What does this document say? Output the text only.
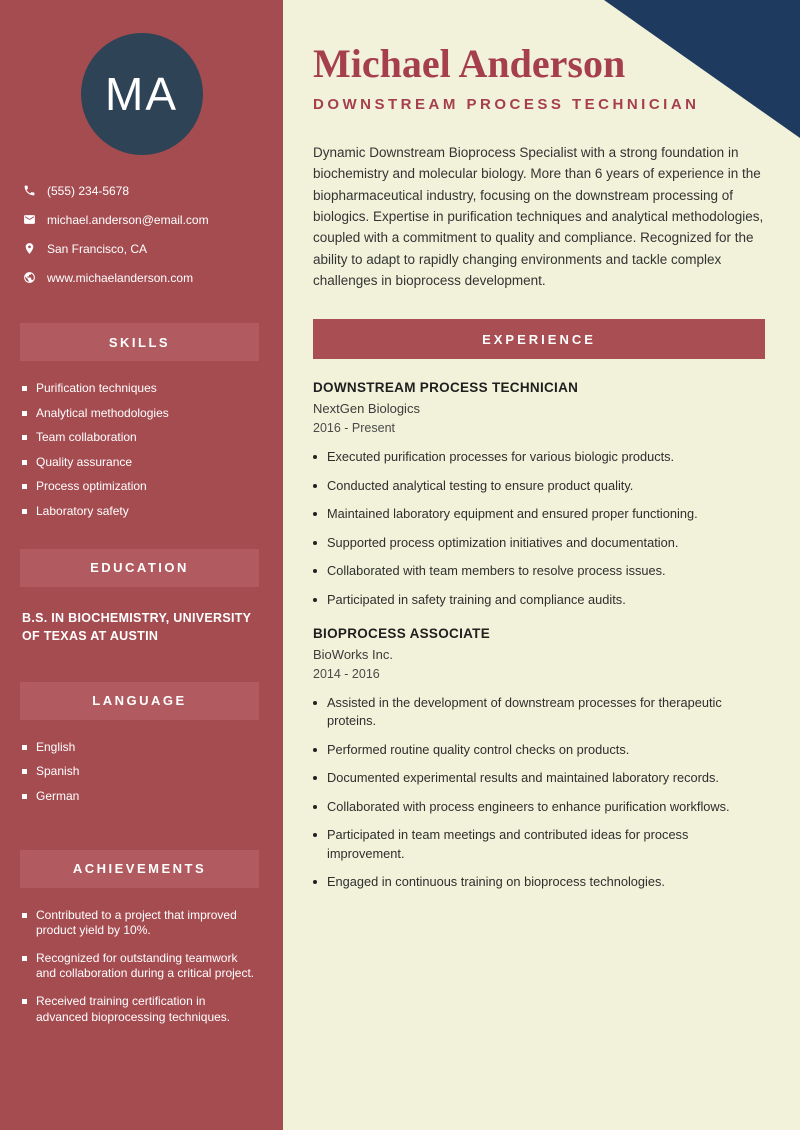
MA
(555) 234-5678
michael.anderson@email.com
San Francisco, CA
www.michaelanderson.com
SKILLS
Purification techniques
Analytical methodologies
Team collaboration
Quality assurance
Process optimization
Laboratory safety
EDUCATION
B.S. IN BIOCHEMISTRY, UNIVERSITY OF TEXAS AT AUSTIN
LANGUAGE
English
Spanish
German
ACHIEVEMENTS
Contributed to a project that improved product yield by 10%.
Recognized for outstanding teamwork and collaboration during a critical project.
Received training certification in advanced bioprocessing techniques.
Michael Anderson
DOWNSTREAM PROCESS TECHNICIAN

Dynamic Downstream Bioprocess Specialist with a strong foundation in biochemistry and molecular biology. More than 6 years of experience in the biopharmaceutical industry, focusing on the downstream processing of biologics. Expertise in purification techniques and analytical methodologies, coupled with a commitment to quality and compliance. Recognized for the ability to adapt to rapidly changing environments and tackle complex challenges in bioprocess development.

EXPERIENCE
DOWNSTREAM PROCESS TECHNICIAN
NextGen Biologics
2016 - Present
Executed purification processes for various biologic products.
Conducted analytical testing to ensure product quality.
Maintained laboratory equipment and ensured proper functioning.
Supported process optimization initiatives and documentation.
Collaborated with team members to resolve process issues.
Participated in safety training and compliance audits.
BIOPROCESS ASSOCIATE
BioWorks Inc.
2014 - 2016
Assisted in the development of downstream processes for therapeutic proteins.
Performed routine quality control checks on products.
Documented experimental results and maintained laboratory records.
Collaborated with process engineers to enhance purification workflows.
Participated in team meetings and contributed ideas for process improvement.
Engaged in continuous training on bioprocess technologies.
